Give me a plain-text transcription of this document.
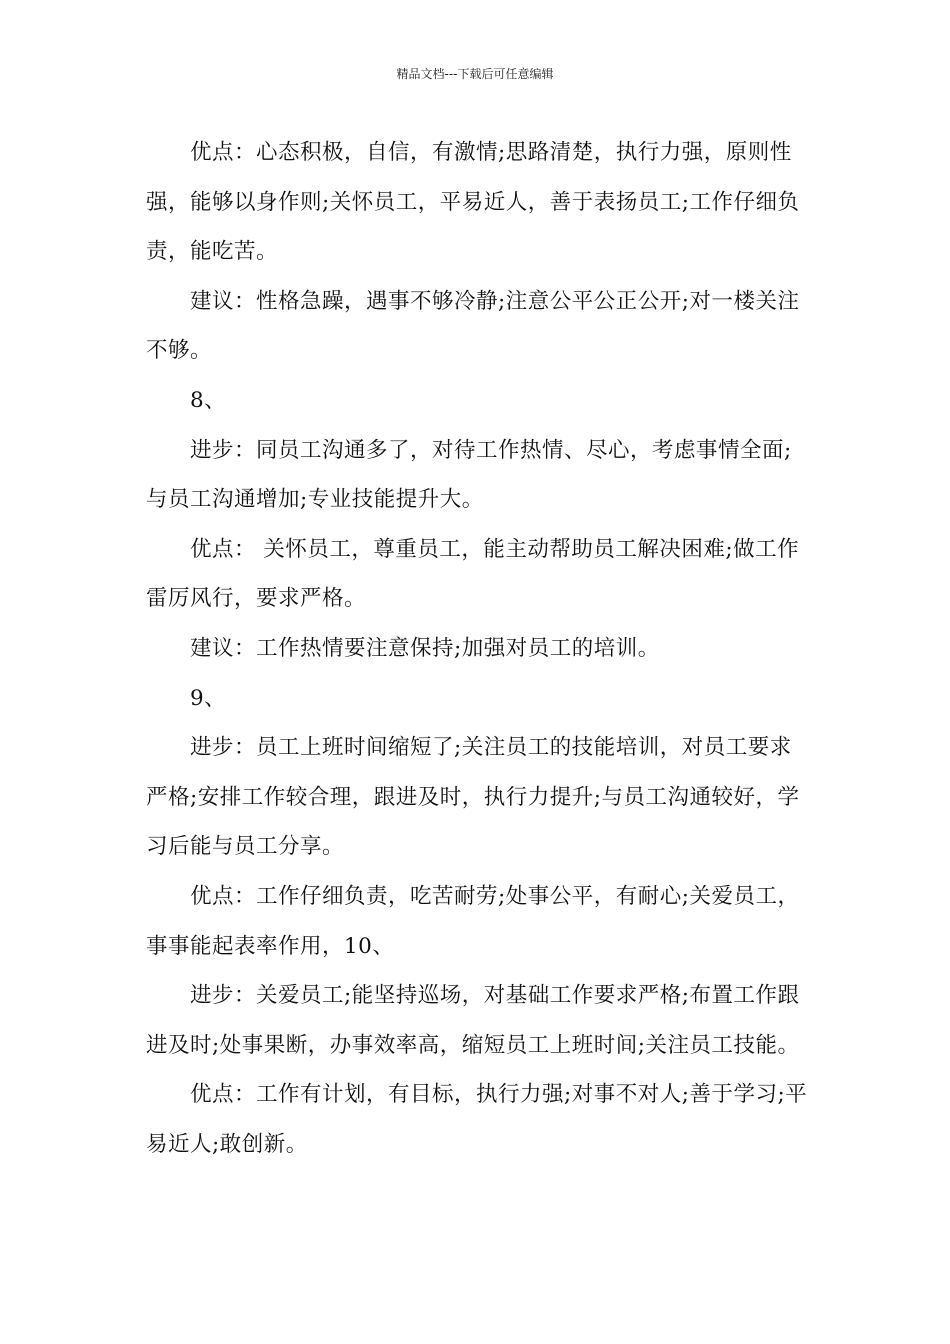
精品文档---下载后可任意编辑

优点：心态积极，自信，有激情;思路清楚，执行力强，原则性强，能够以身作则;关怀员工，平易近人，善于表扬员工;工作仔细负责，能吃苦。

建议：性格急躁，遇事不够冷静;注意公平公正公开;对一楼关注不够。

8、

进步：同员工沟通多了，对待工作热情、尽心，考虑事情全面;与员工沟通增加;专业技能提升大。

优点： 关怀员工，尊重员工，能主动帮助员工解决困难;做工作雷厉风行，要求严格。

建议：工作热情要注意保持;加强对员工的培训。

9、

进步：员工上班时间缩短了;关注员工的技能培训，对员工要求严格;安排工作较合理，跟进及时，执行力提升;与员工沟通较好，学习后能与员工分享。

优点：工作仔细负责，吃苦耐劳;处事公平，有耐心;关爱员工，事事能起表率作用，10、

进步：关爱员工;能坚持巡场，对基础工作要求严格;布置工作跟进及时;处事果断，办事效率高，缩短员工上班时间;关注员工技能。

优点：工作有计划，有目标，执行力强;对事不对人;善于学习;平易近人;敢创新。
